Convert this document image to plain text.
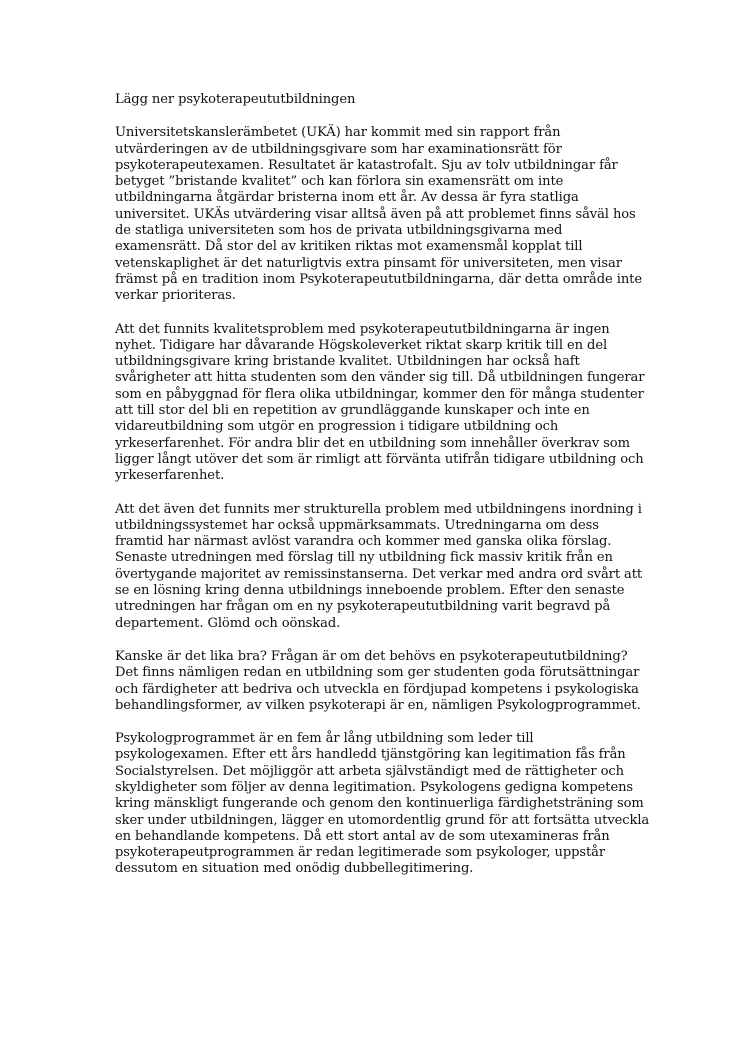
Lägg ner psykoterapeututbildningen
Universitetskanslerämbetet (UKÄ) har kommit med sin rapport från
utvärderingen av de utbildningsgivare som har examinationsrätt för
psykoterapeutexamen. Resultatet är katastrofalt. Sju av tolv utbildningar får
betyget ”bristande kvalitet” och kan förlora sin examensrätt om inte
utbildningarna åtgärdar bristerna inom ett år. Av dessa är fyra statliga
universitet. UKÄs utvärdering visar alltså även på att problemet finns såväl hos
de statliga universiteten som hos de privata utbildningsgivarna med
examensrätt. Då stor del av kritiken riktas mot examensmål kopplat till
vetenskaplighet är det naturligtvis extra pinsamt för universiteten, men visar
främst på en tradition inom Psykoterapeututbildningarna, där detta område inte
verkar prioriteras.
Att det funnits kvalitetsproblem med psykoterapeututbildningarna är ingen
nyhet. Tidigare har dåvarande Högskoleverket riktat skarp kritik till en del
utbildningsgivare kring bristande kvalitet. Utbildningen har också haft
svårigheter att hitta studenten som den vänder sig till. Då utbildningen fungerar
som en påbyggnad för flera olika utbildningar, kommer den för många studenter
att till stor del bli en repetition av grundläggande kunskaper och inte en
vidareutbildning som utgör en progression i tidigare utbildning och
yrkeserfarenhet. För andra blir det en utbildning som innehåller överkrav som
ligger långt utöver det som är rimligt att förvänta utifrån tidigare utbildning och
yrkeserfarenhet.
Att det även det funnits mer strukturella problem med utbildningens inordning i
utbildningssystemet har också uppmärksammats. Utredningarna om dess
framtid har närmast avlöst varandra och kommer med ganska olika förslag.
Senaste utredningen med förslag till ny utbildning fick massiv kritik från en
övertygande majoritet av remissinstanserna. Det verkar med andra ord svårt att
se en lösning kring denna utbildnings inneboende problem. Efter den senaste
utredningen har frågan om en ny psykoterapeututbildning varit begravd på
departement. Glömd och oönskad.
Kanske är det lika bra? Frågan är om det behövs en psykoterapeututbildning?
Det finns nämligen redan en utbildning som ger studenten goda förutsättningar
och färdigheter att bedriva och utveckla en fördjupad kompetens i psykologiska
behandlingsformer, av vilken psykoterapi är en, nämligen Psykologprogrammet.
Psykologprogrammet är en fem år lång utbildning som leder till
psykologexamen. Efter ett års handledd tjänstgöring kan legitimation fås från
Socialstyrelsen. Det möjliggör att arbeta självständigt med de rättigheter och
skyldigheter som följer av denna legitimation. Psykologens gedigna kompetens
kring mänskligt fungerande och genom den kontinuerliga färdighetsträning som
sker under utbildningen, lägger en utomordentlig grund för att fortsätta utveckla
en behandlande kompetens. Då ett stort antal av de som utexamineras från
psykoterapeutprogrammen är redan legitimerade som psykologer, uppstår
dessutom en situation med onödig dubbellegitimering.
